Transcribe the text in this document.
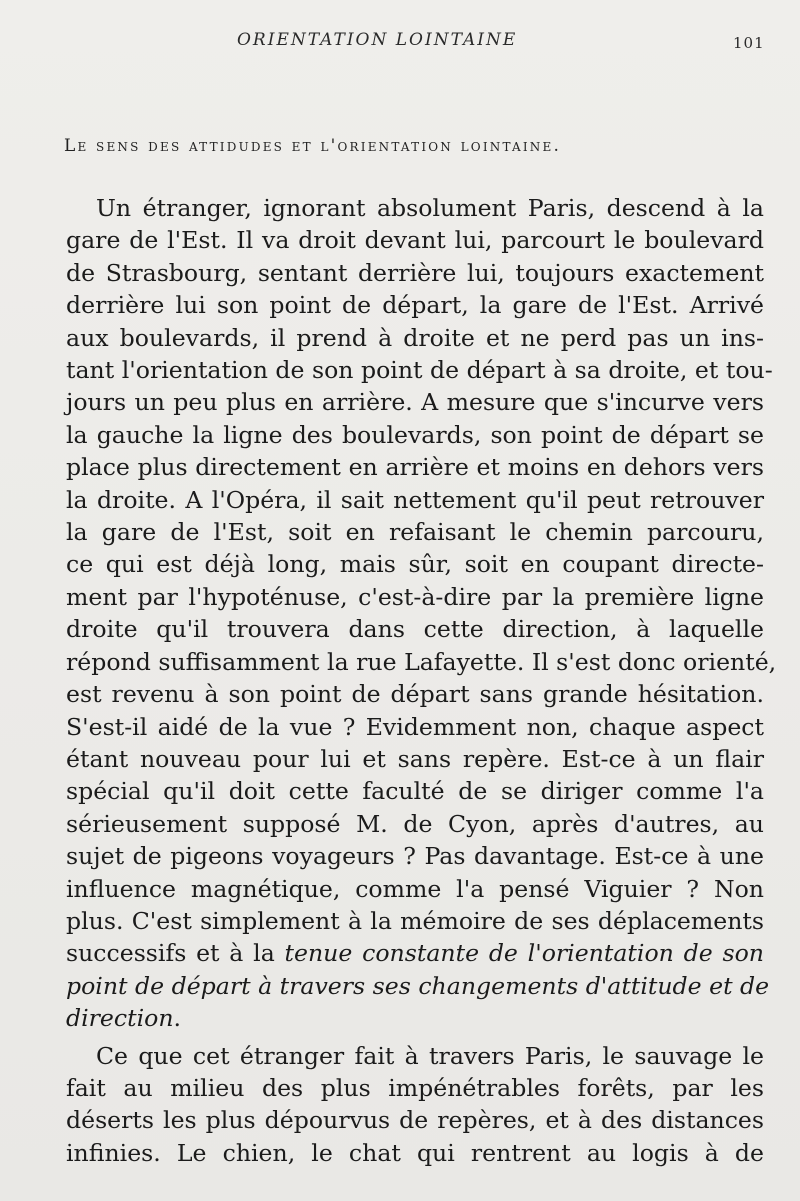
ORIENTATION LOINTAINE	101
Le sens des attidudes et l'orientation lointaine.
Un étranger, ignorant absolument Paris, descend à la
gare de l'Est. Il va droit devant lui, parcourt le boulevard
de Strasbourg, sentant derrière lui, toujours exactement
derrière lui son point de départ, la gare de l'Est. Arrivé
aux boulevards, il prend à droite et ne perd pas un ins-
tant l'orientation de son point de départ à sa droite, et tou-
jours un peu plus en arrière. A mesure que s'incurve vers
la gauche la ligne des boulevards, son point de départ se
place plus directement en arrière et moins en dehors vers
la droite. A l'Opéra, il sait nettement qu'il peut retrouver
la gare de l'Est, soit en refaisant le chemin parcouru,
ce qui est déjà long, mais sûr, soit en coupant directe-
ment par l'hypoténuse, c'est-à-dire par la première ligne
droite qu'il trouvera dans cette direction, à laquelle
répond suffisamment la rue Lafayette. Il s'est donc orienté,
est revenu à son point de départ sans grande hésitation.
S'est-il aidé de la vue ? Evidemment non, chaque aspect
étant nouveau pour lui et sans repère. Est-ce à un flair
spécial qu'il doit cette faculté de se diriger comme l'a
sérieusement supposé M. de Cyon, après d'autres, au
sujet de pigeons voyageurs ? Pas davantage. Est-ce à une
influence magnétique, comme l'a pensé Viguier ? Non
plus. C'est simplement à la mémoire de ses déplacements
successifs et à la tenue constante de l'orientation de son
point de départ à travers ses changements d'attitude et de
direction.
Ce que cet étranger fait à travers Paris, le sauvage le
fait au milieu des plus impénétrables forêts, par les
déserts les plus dépourvus de repères, et à des distances
infinies. Le chien, le chat qui rentrent au logis à de
